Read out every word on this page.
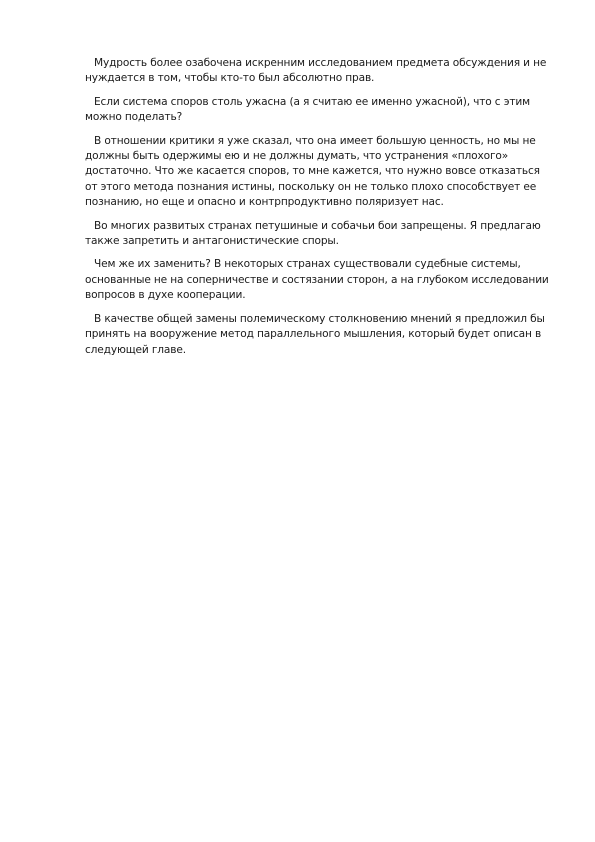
Мудрость более озабочена искренним исследованием предмета обсуждения и не нуждается в том, чтобы кто-то был абсолютно прав.

Если система споров столь ужасна (а я считаю ее именно ужасной), что с этим можно поделать?

В отношении критики я уже сказал, что она имеет большую ценность, но мы не должны быть одержимы ею и не должны думать, что устранения «плохого» достаточно. Что же касается споров, то мне кажется, что нужно вовсе отказаться от этого метода познания истины, поскольку он не только плохо способствует ее познанию, но еще и опасно и контрпродуктивно поляризует нас.

Во многих развитых странах петушиные и собачьи бои запрещены. Я предлагаю также запретить и антагонистические споры.

Чем же их заменить? В некоторых странах существовали судебные системы, основанные не на соперничестве и состязании сторон, а на глубоком исследовании вопросов в духе кооперации.

В качестве общей замены полемическому столкновению мнений я предложил бы принять на вооружение метод параллельного мышления, который будет описан в следующей главе.
